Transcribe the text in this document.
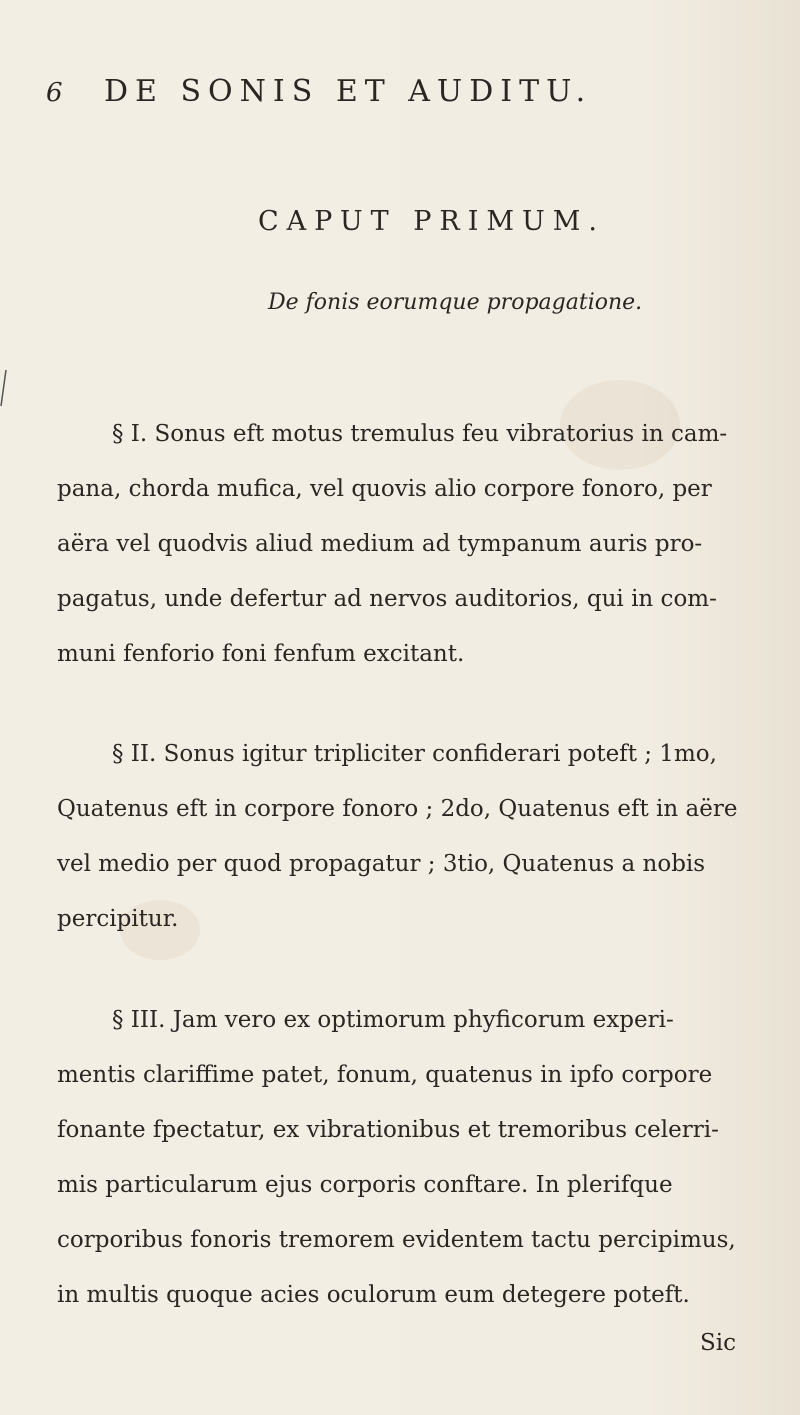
6 DE SONIS ET AUDITU.
CAPUT PRIMUM.
De fonis eorumque propagatione.
§ I. Sonus eft motus tremulus feu vibratorius in cam-
pana, chorda mufica, vel quovis alio corpore fonoro, per
aëra vel quodvis aliud medium ad tympanum auris pro-
pagatus, unde defertur ad nervos auditorios, qui in com-
muni fenforio foni fenfum excitant.
§ II. Sonus igitur tripliciter confiderari poteft ; 1mo,
Quatenus eft in corpore fonoro ; 2do, Quatenus eft in aëre
vel medio per quod propagatur ; 3tio, Quatenus a nobis
percipitur.
§ III. Jam vero ex optimorum phyficorum experi-
mentis clariffime patet, fonum, quatenus in ipfo corpore
fonante fpectatur, ex vibrationibus et tremoribus celerri-
mis particularum ejus corporis conftare. In plerifque
corporibus fonoris tremorem evidentem tactu percipimus,
in multis quoque acies oculorum eum detegere poteft.
Sic
